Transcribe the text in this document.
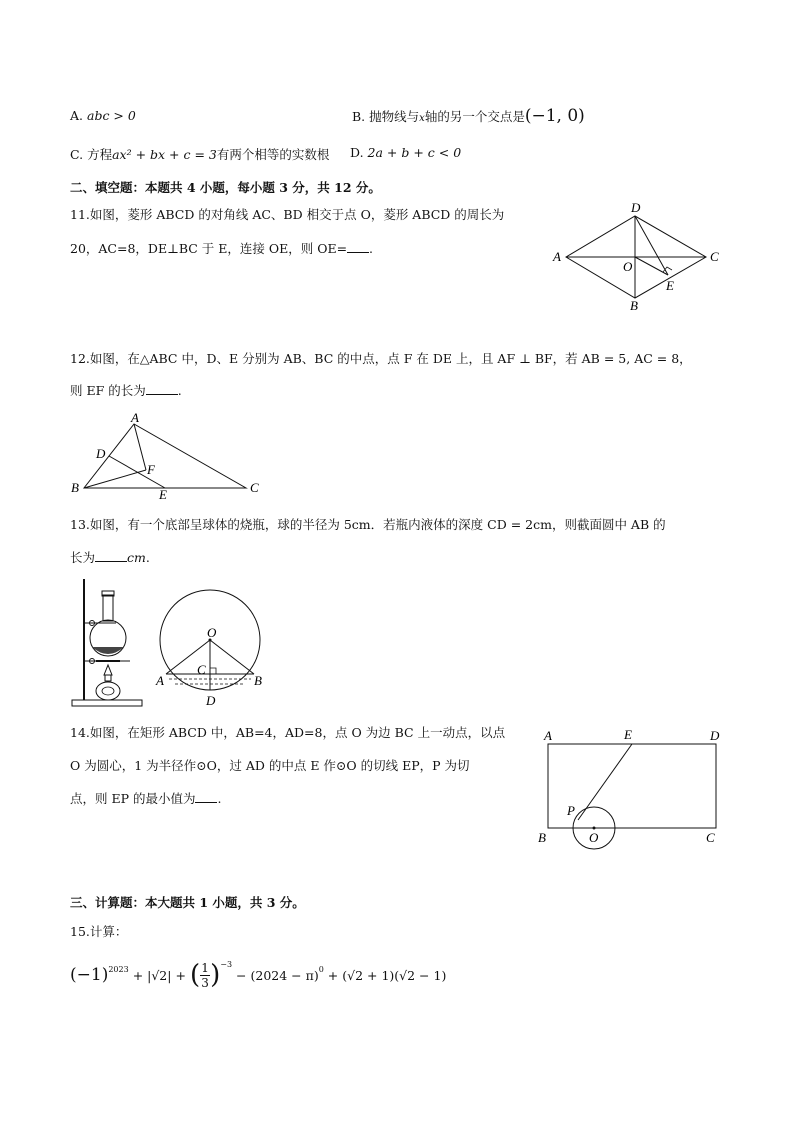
A. abc > 0	B. 抛物线与x轴的另一个交点是(−1, 0)
C. 方程ax² + bx + c = 3有两个相等的实数根 D. 2a + b + c < 0
二、填空题：本题共 4 小题，每小题 3 分，共 12 分。
11.如图，菱形 ABCD 的对角线 AC、BD 相交于点 O，菱形 ABCD 的周长为
20，AC=8，DE⊥BC 于 E，连接 OE，则 OE= .
D
A	C
O
E
B
12.如图，在△ABC 中，D、E 分别为 AB、BC 的中点，点 F 在 DE 上，且 AF ⊥ BF，若 AB = 5, AC = 8，
则 EF 的长为	.
A
D
F
B	E	C
13.如图，有一个底部呈球体的烧瓶，球的半径为 5cm．若瓶内液体的深度 CD = 2cm，则截面圆中 AB 的
长为	cm.
O
C
A	B
D
14.如图，在矩形 ABCD 中，AB=4，AD=8，点 O 为边 BC 上一动点，以点
O 为圆心，1 为半径作⊙O，过 AD 的中点 E 作⊙O 的切线 EP，P 为切
点，则 EP 的最小值为 .
A	E	D
P
B	O	C
三、计算题：本大题共 1 小题，共 3 分。
15.计算：
(−1) 2023 + |√2| + ( 1
3 ) −3
− (2024 − π) 0 + (√2 + 1)(√2 − 1)
